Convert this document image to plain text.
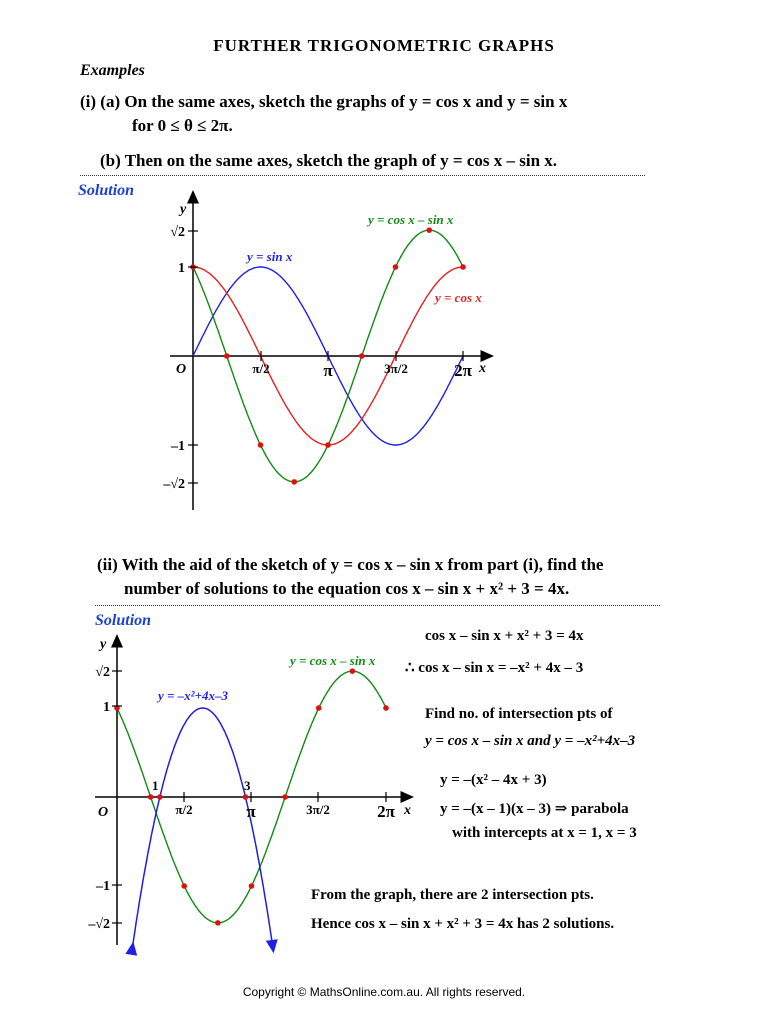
FURTHER TRIGONOMETRIC GRAPHS
Examples
(i) (a) On the same axes, sketch the graphs of y = cos x and y = sin x
for 0 ≤ θ ≤ 2π.
(b) Then on the same axes, sketch the graph of y = cos x – sin x.
Solution
y
x
O
√2
1
–1
–√2
π/2	π	3π/2	2π
y = sin x
y = cos x
y = cos x – sin x
(ii) With the aid of the sketch of y = cos x – sin x from part (i), find the
number of solutions to the equation cos x – sin x + x² + 3 = 4x.
Solution
y
x
O
√2
1
–1
–√2
π/2	π	3π/2	2π
1	3
y = cos x – sin x
y = –x²+4x–3
cos x – sin x + x² + 3 = 4x
∴ cos x – sin x = –x² + 4x – 3
Find no. of intersection pts of
y = cos x – sin x and y = –x²+4x–3
y = –(x² – 4x + 3)
y = –(x – 1)(x – 3) ⇒ parabola
with intercepts at x = 1, x = 3
From the graph, there are 2 intersection pts.
Hence cos x – sin x + x² + 3 = 4x has 2 solutions.
Copyright © MathsOnline.com.au. All rights reserved.
